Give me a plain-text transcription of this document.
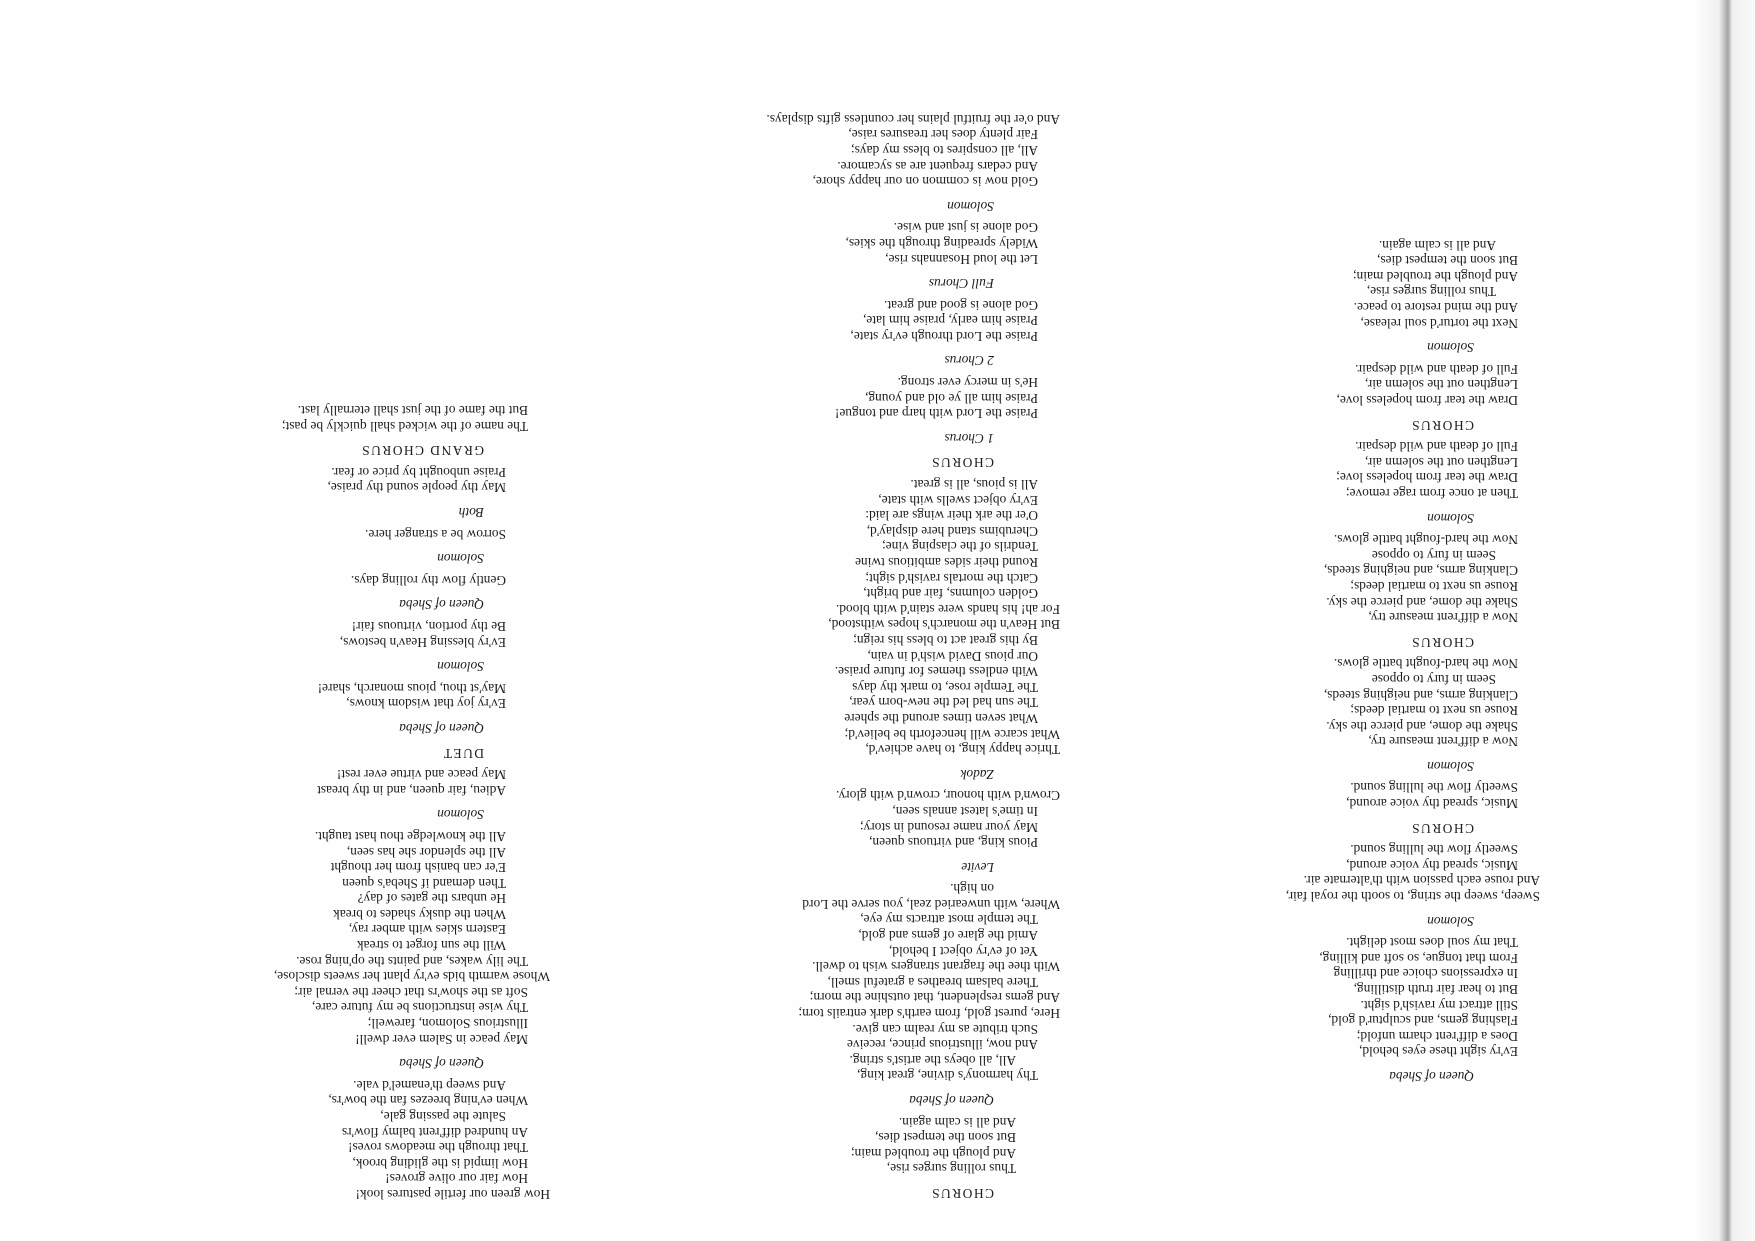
Queen of Sheba
Ev'ry sight these eyes behold,
Does a diff'rent charm unfold;
Flashing gems, and sculptur'd gold,
Still attract my ravish'd sight.
But to hear fair truth distilling,
In expressions choice and thrilling
From that tongue, so soft and killing,
That my soul does most delight.
Solomon
Sweep, sweep the string, to sooth the royal fair,
And rouse each passion with th'alternate air.
Music, spread thy voice around,
Sweetly flow the lulling sound.
CHORUS
Music, spread thy voice around,
Sweetly flow the lulling sound.
Solomon
Now a diff'rent measure try,
Shake the dome, and pierce the sky.
Rouse us next to martial deeds;
Clanking arms, and neighing steeds,
Seem in fury to oppose
Now the hard-fought battle glows.
CHORUS
Now a diff'rent measure try,
Shake the dome, and pierce the sky.
Rouse us next to martial deeds;
Clanking arms, and neighing steeds,
Seem in fury to oppose
Now the hard-fought battle glows.
Solomon
Then at once from rage remove;
Draw the tear from hopeless love;
Lengthen out the solemn air,
Full of death and wild despair.
CHORUS
Draw the tear from hopeless love,
Lengthen out the solemn air,
Full of death and wild despair.
Solomon
Next the tortur'd soul release,
And the mind restore to peace.
Thus rolling surges rise,
And plough the troubled main;
But soon the tempest dies,
And all is calm again.
CHORUS
Thus rolling surges rise,
And plough the troubled main;
But soon the tempest dies,
And all is calm again.
Queen of Sheba
Thy harmony's divine, great king,
All, all obeys the artist's string.
And now, illustrious prince, receive
Such tribute as my realm can give.
Here, purest gold, from earth's dark entrails torn;
And gems resplendent, that outshine the morn;
There balsam breathes a grateful smell,
With thee the fragrant strangers wish to dwell.
Yet of ev'ry object I behold,
Amid the glare of gems and gold,
The temple most attracts my eye,
Where, with unwearied zeal, you serve the Lord
on high.
Levite
Pious king, and virtuous queen,
May your name resound in story;
In time's latest annals seen,
Crown'd with honour, crown'd with glory.
Zadok
Thrice happy king, to have achiev'd,
What scarce will henceforth be believ'd;
What seven times around the sphere
The sun had led the new-born year,
The Temple rose, to mark thy days
With endless themes for future praise.
Our pious David wish'd in vain,
By this great act to bless his reign;
But Heav'n the monarch's hopes withstood,
For ah! his hands were stain'd with blood.
Golden columns, fair and bright,
Catch the mortals ravish'd sight;
Round their sides ambitious twine
Tendrils of the clasping vine;
Cherubims stand here display'd,
O'er the ark their wings are laid:
Ev'ry object swells with state,
All is pious, all is great.
CHORUS
1 Chorus
Praise the Lord with harp and tongue!
Praise him all ye old and young,
He's in mercy ever strong.
2 Chorus
Praise the Lord through ev'ry state,
Praise him early, praise him late,
God alone is good and great.
Full Chorus
Let the loud Hosannahs rise,
Widely spreading through the skies,
God alone is just and wise.
Solomon
Gold now is common on our happy shore,
And cedars frequent are as sycamore.
All, all conspires to bless my days;
Fair plenty does her treasures raise,
And o'er the fruitful plains her countless gifts displays.
How green our fertile pastures look!
How fair our olive groves!
How limpid is the gliding brook,
That through the meadows roves!
An hundred diff'rent balmy flow'rs
Salute the passing gale,
When ev'ning breezes fan the bow'rs,
And sweep th'enamel'd vale.
Queen of Sheba
May peace in Salem ever dwell!
Illustrious Solomon, farewell;
Thy wise instructions be my future care,
Soft as the show'rs that cheer the vernal air;
Whose warmth bids ev'ry plant her sweets disclose,
The lily wakes, and paints the op'ning rose.
Will the sun forget to streak
Eastern skies with amber ray,
When the dusky shades to break
He unbars the gates of day?
Then demand if Sheba's queen
E'er can banish from her thought
All the splendor she has seen,
All the knowledge thou hast taught.
Solomon
Adieu, fair queen, and in thy breast
May peace and virtue ever rest!
DUET
Queen of Sheba
Ev'ry joy that wisdom knows,
May'st thou, pious monarch, share!
Solomon
Ev'ry blessing Heav'n bestows,
Be thy portion, virtuous fair!
Queen of Sheba
Gently flow thy rolling days.
Solomon
Sorrow be a stranger here.
Both
May thy people sound thy praise,
Praise unbought by price or fear.
GRAND CHORUS
The name of the wicked shall quickly be past;
But the fame of the just shall eternally last.
